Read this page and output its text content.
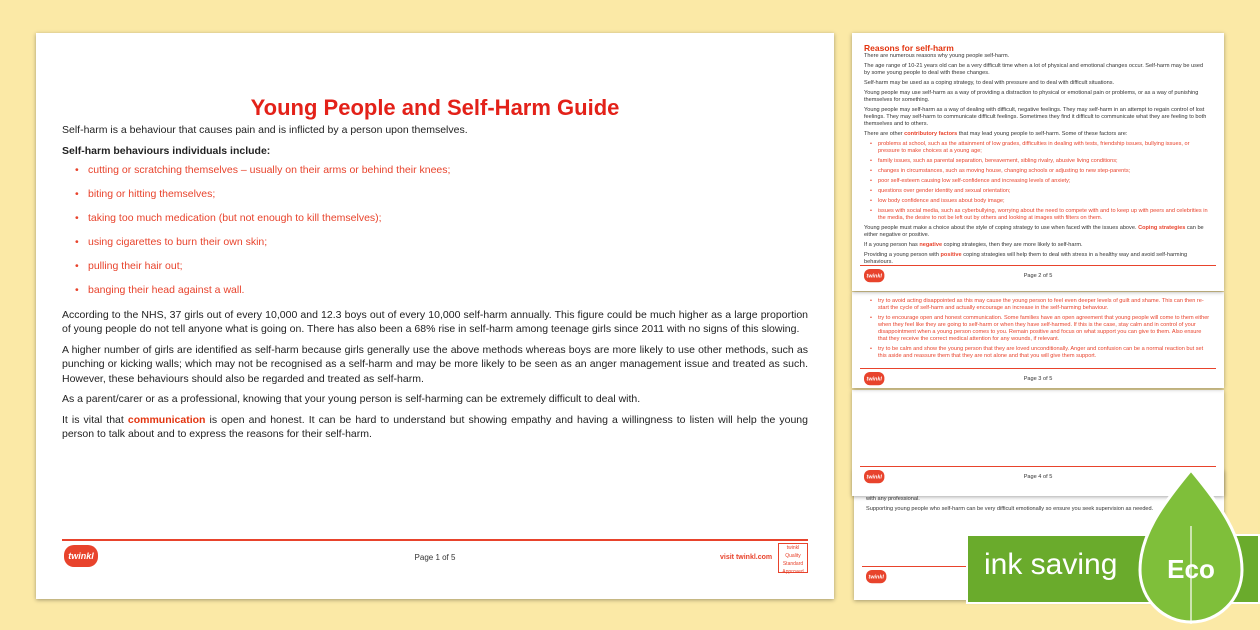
with any professional.

Supporting young people who self-harm can be very difficult emotionally so ensure you seek supervision as needed.

twinkl
twinkl	Page 4 of 5
• try to avoid acting disappointed as this may cause the young person to feel even deeper levels of guilt and shame. This can then re-start the cycle of self-harm and actually encourage an increase in the self-harming behaviour.
• try to encourage open and honest communication. Some families have an open agreement that young people will come to them either when they feel like they are going to self-harm or when they have self-harmed. If this is the case, stay calm and in control of your disappointment when a young person comes to you. Remain positive and focus on what support you can give to them. Also ensure that they receive the correct medical attention for any wounds, if relevant.
• try to be calm and show the young person that they are loved unconditionally. Anger and confusion can be a normal reaction but set this aside and reassure them that they are not alone and that you will give them support.
twinkl	Page 3 of 5
Reasons for self-harm

There are numerous reasons why young people self-harm.

The age range of 10-21 years old can be a very difficult time when a lot of physical and emotional changes occur. Self-harm may be used by some young people to deal with these changes.

Self-harm may be used as a coping strategy, to deal with pressure and to deal with difficult situations.

Young people may use self-harm as a way of providing a distraction to physical or emotional pain or problems, or as a way of punishing themselves for something.

Young people may self-harm as a way of dealing with difficult, negative feelings. They may self-harm in an attempt to regain control of lost feelings. They may self-harm to communicate difficult feelings. Sometimes they find it difficult to communicate what they are feeling to both themselves and to others.

There are other contributory factors that may lead young people to self-harm. Some of these factors are:

• problems at school, such as the attainment of low grades, difficulties in dealing with tests, friendship issues, bullying issues, or pressure to make choices at a young age;
• family issues, such as parental separation, bereavement, sibling rivalry, abusive living conditions;
• changes in circumstances, such as moving house, changing schools or adjusting to new step-parents;
• poor self-esteem causing low self-confidence and increasing levels of anxiety;
• questions over gender identity and sexual orientation;
• low body confidence and issues about body image;
• issues with social media, such as cyberbullying, worrying about the need to compete with and to keep up with peers and celebrities in the media, the desire to not be left out by others and looking at images with filters on them.

Young people must make a choice about the style of coping strategy to use when faced with the issues above. Coping strategies can be either negative or positive.

If a young person has negative coping strategies, then they are more likely to self-harm.

Providing a young person with positive coping strategies will help them to deal with stress in a healthy way and avoid self-harming behaviours.

twinkl	Page 2 of 5
Young People and Self-Harm Guide

Self-harm is a behaviour that causes pain and is inflicted by a person upon themselves.

Self-harm behaviours individuals include:

• cutting or scratching themselves – usually on their arms or behind their knees;
• biting or hitting themselves;
• taking too much medication (but not enough to kill themselves);
• using cigarettes to burn their own skin;
• pulling their hair out;
• banging their head against a wall.

According to the NHS, 37 girls out of every 10,000 and 12.3 boys out of every 10,000 self-harm annually. This figure could be much higher as a large proportion of young people do not tell anyone what is going on. There has also been a 68% rise in self-harm among teenage girls since 2011 with no signs of this slowing.

A higher number of girls are identified as self-harm because girls generally use the above methods whereas boys are more likely to use other methods, such as punching or kicking walls; which may not be recognised as a self-harm and may be more likely to be seen as an anger management issue and treated as such. However, these behaviours should also be regarded and treated as self-harm.

As a parent/carer or as a professional, knowing that your young person is self-harming can be extremely difficult to deal with.

It is vital that communication is open and honest. It can be hard to understand but showing empathy and having a willingness to listen will help the young person to talk about and to express the reasons for their self-harm.

twinkl	Page 1 of 5	visit twinkl.com
twinkl
Quality Standard Approved	ink saving Eco
